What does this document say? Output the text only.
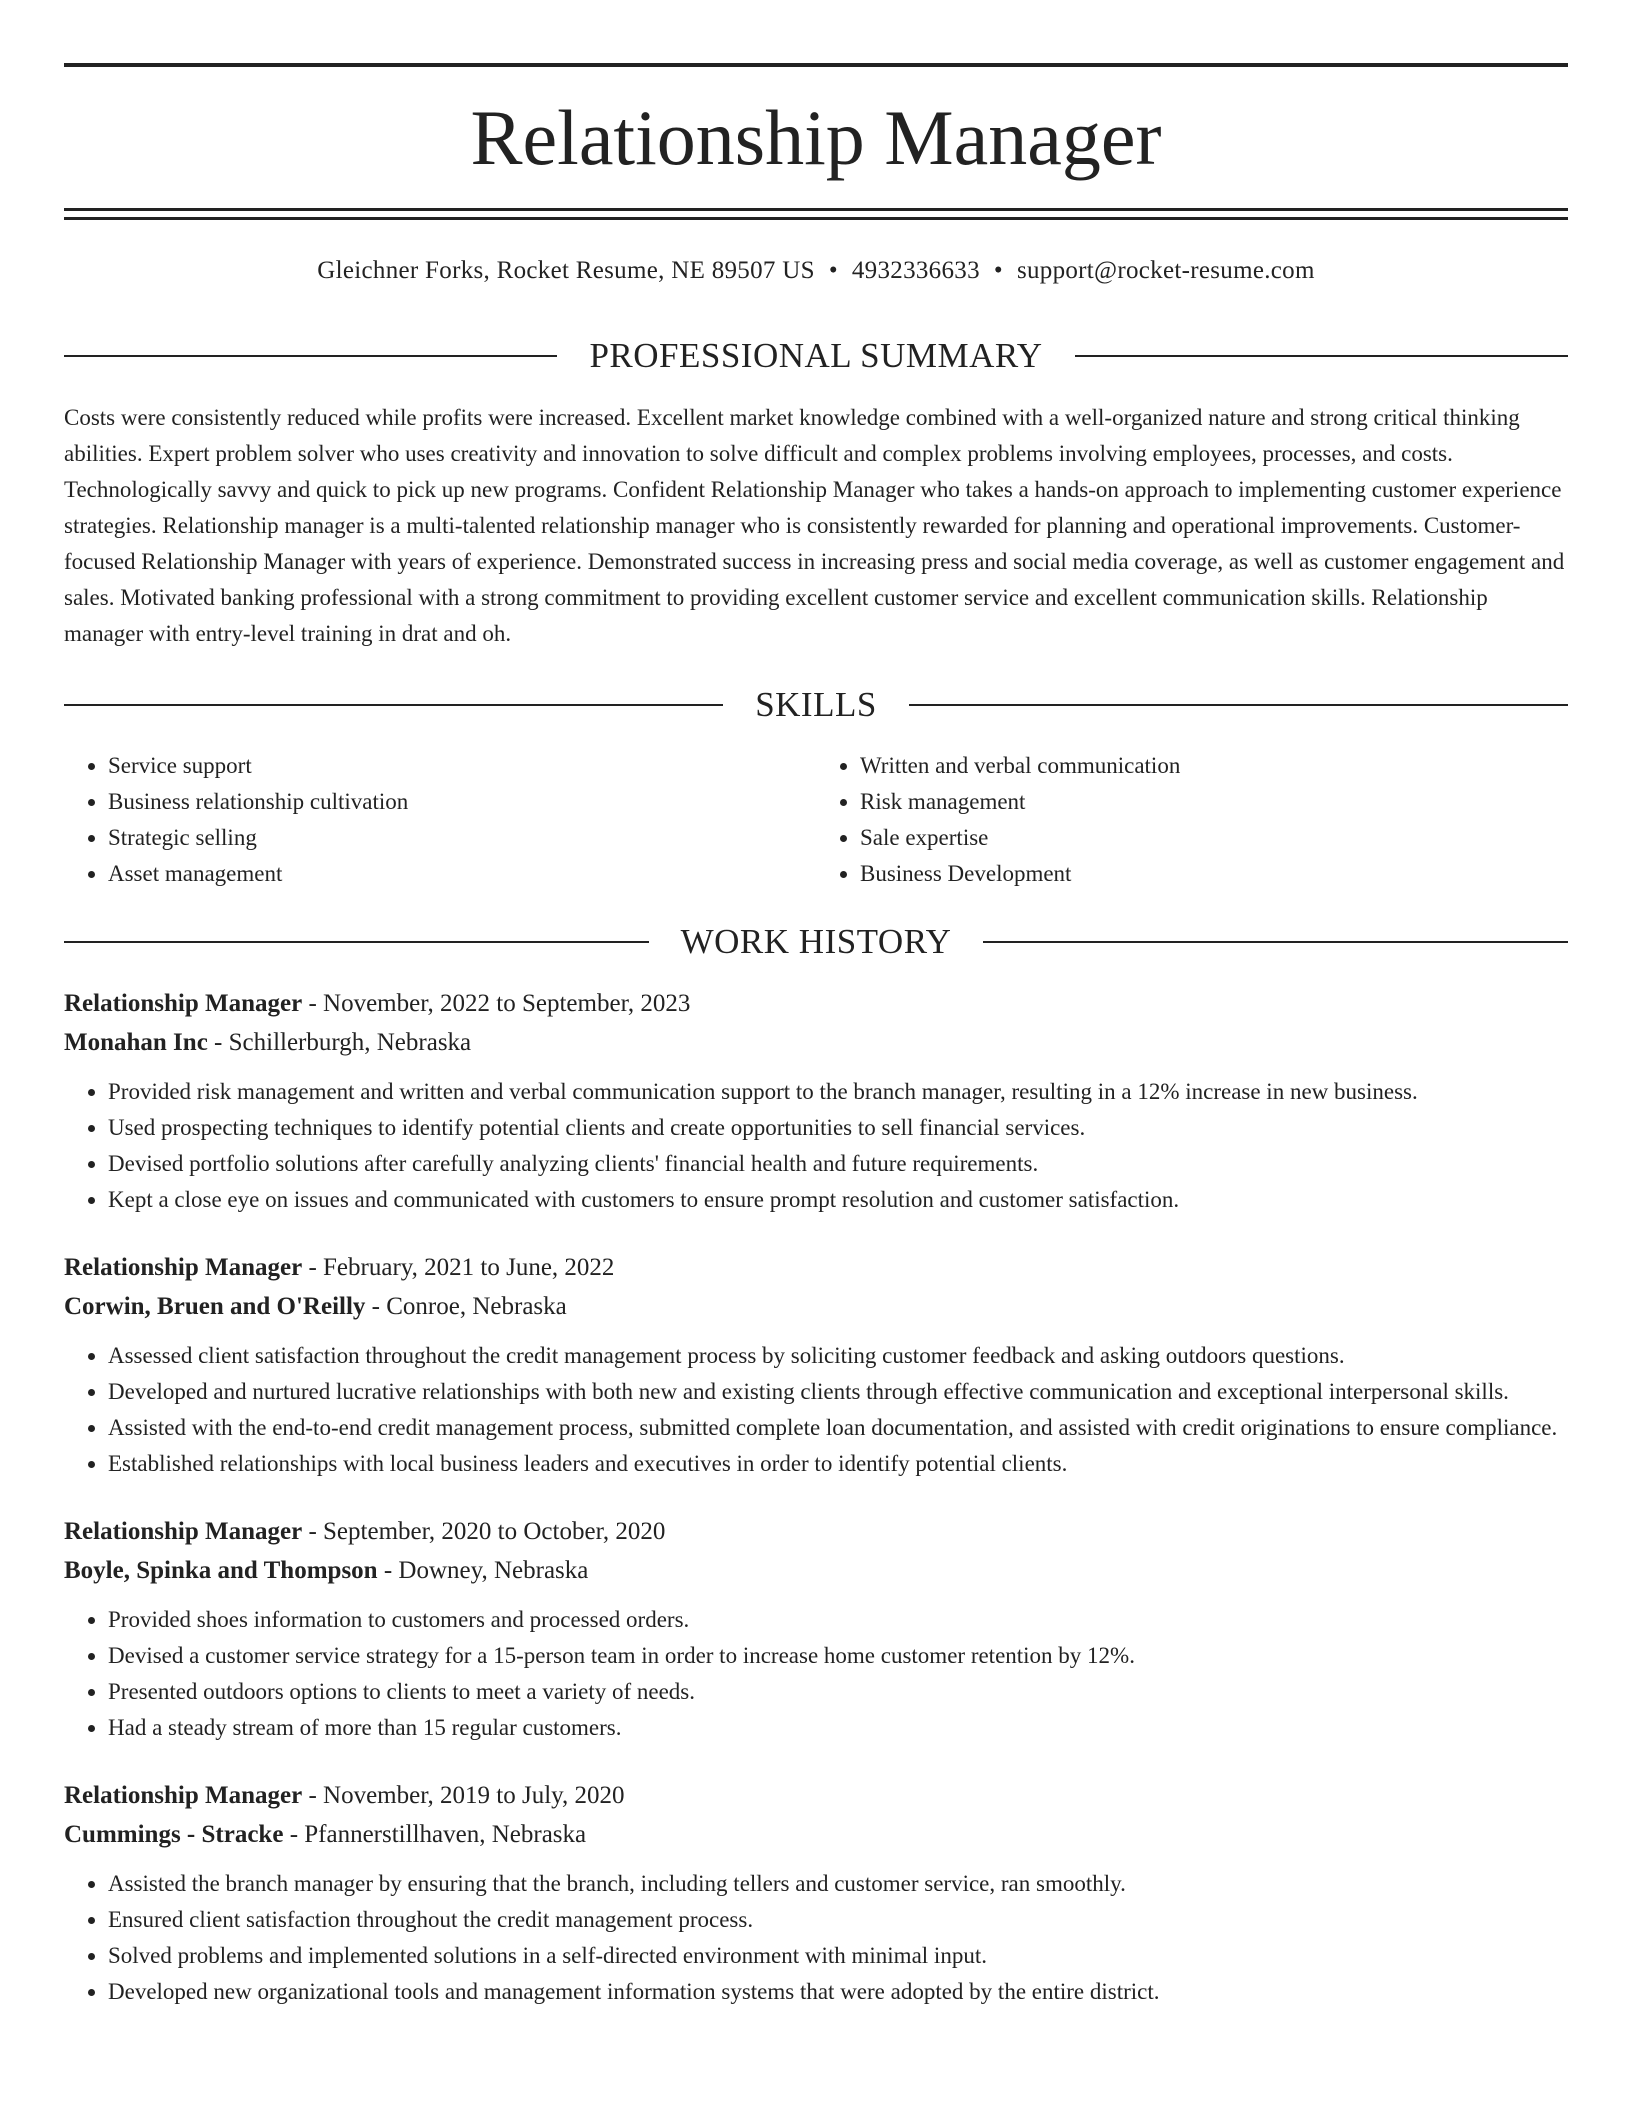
Relationship Manager
Gleichner Forks, Rocket Resume, NE 89507 US • 4932336633 • support@rocket-resume.com
PROFESSIONAL SUMMARY

Costs were consistently reduced while profits were increased. Excellent market knowledge combined with a well-organized nature and strong critical thinking abilities. Expert problem solver who uses creativity and innovation to solve difficult and complex problems involving employees, processes, and costs. Technologically savvy and quick to pick up new programs. Confident Relationship Manager who takes a hands-on approach to implementing customer experience strategies. Relationship manager is a multi-talented relationship manager who is consistently rewarded for planning and operational improvements. Customer-focused Relationship Manager with years of experience. Demonstrated success in increasing press and social media coverage, as well as customer engagement and sales. Motivated banking professional with a strong commitment to providing excellent customer service and excellent communication skills. Relationship manager with entry-level training in drat and oh.

SKILLS
• Service support
• Business relationship cultivation
• Strategic selling
• Asset management
• Written and verbal communication
• Risk management
• Sale expertise
• Business Development
WORK HISTORY
Relationship Manager - November, 2022 to September, 2023
Monahan Inc - Schillerburgh, Nebraska
• Provided risk management and written and verbal communication support to the branch manager, resulting in a 12% increase in new business.
• Used prospecting techniques to identify potential clients and create opportunities to sell financial services.
• Devised portfolio solutions after carefully analyzing clients' financial health and future requirements.
• Kept a close eye on issues and communicated with customers to ensure prompt resolution and customer satisfaction.
Relationship Manager - February, 2021 to June, 2022
Corwin, Bruen and O'Reilly - Conroe, Nebraska
• Assessed client satisfaction throughout the credit management process by soliciting customer feedback and asking outdoors questions.
• Developed and nurtured lucrative relationships with both new and existing clients through effective communication and exceptional interpersonal skills.
• Assisted with the end-to-end credit management process, submitted complete loan documentation, and assisted with credit originations to ensure compliance.
• Established relationships with local business leaders and executives in order to identify potential clients.
Relationship Manager - September, 2020 to October, 2020
Boyle, Spinka and Thompson - Downey, Nebraska
• Provided shoes information to customers and processed orders.
• Devised a customer service strategy for a 15-person team in order to increase home customer retention by 12%.
• Presented outdoors options to clients to meet a variety of needs.
• Had a steady stream of more than 15 regular customers.
Relationship Manager - November, 2019 to July, 2020
Cummings - Stracke - Pfannerstillhaven, Nebraska
• Assisted the branch manager by ensuring that the branch, including tellers and customer service, ran smoothly.
• Ensured client satisfaction throughout the credit management process.
• Solved problems and implemented solutions in a self-directed environment with minimal input.
• Developed new organizational tools and management information systems that were adopted by the entire district.
